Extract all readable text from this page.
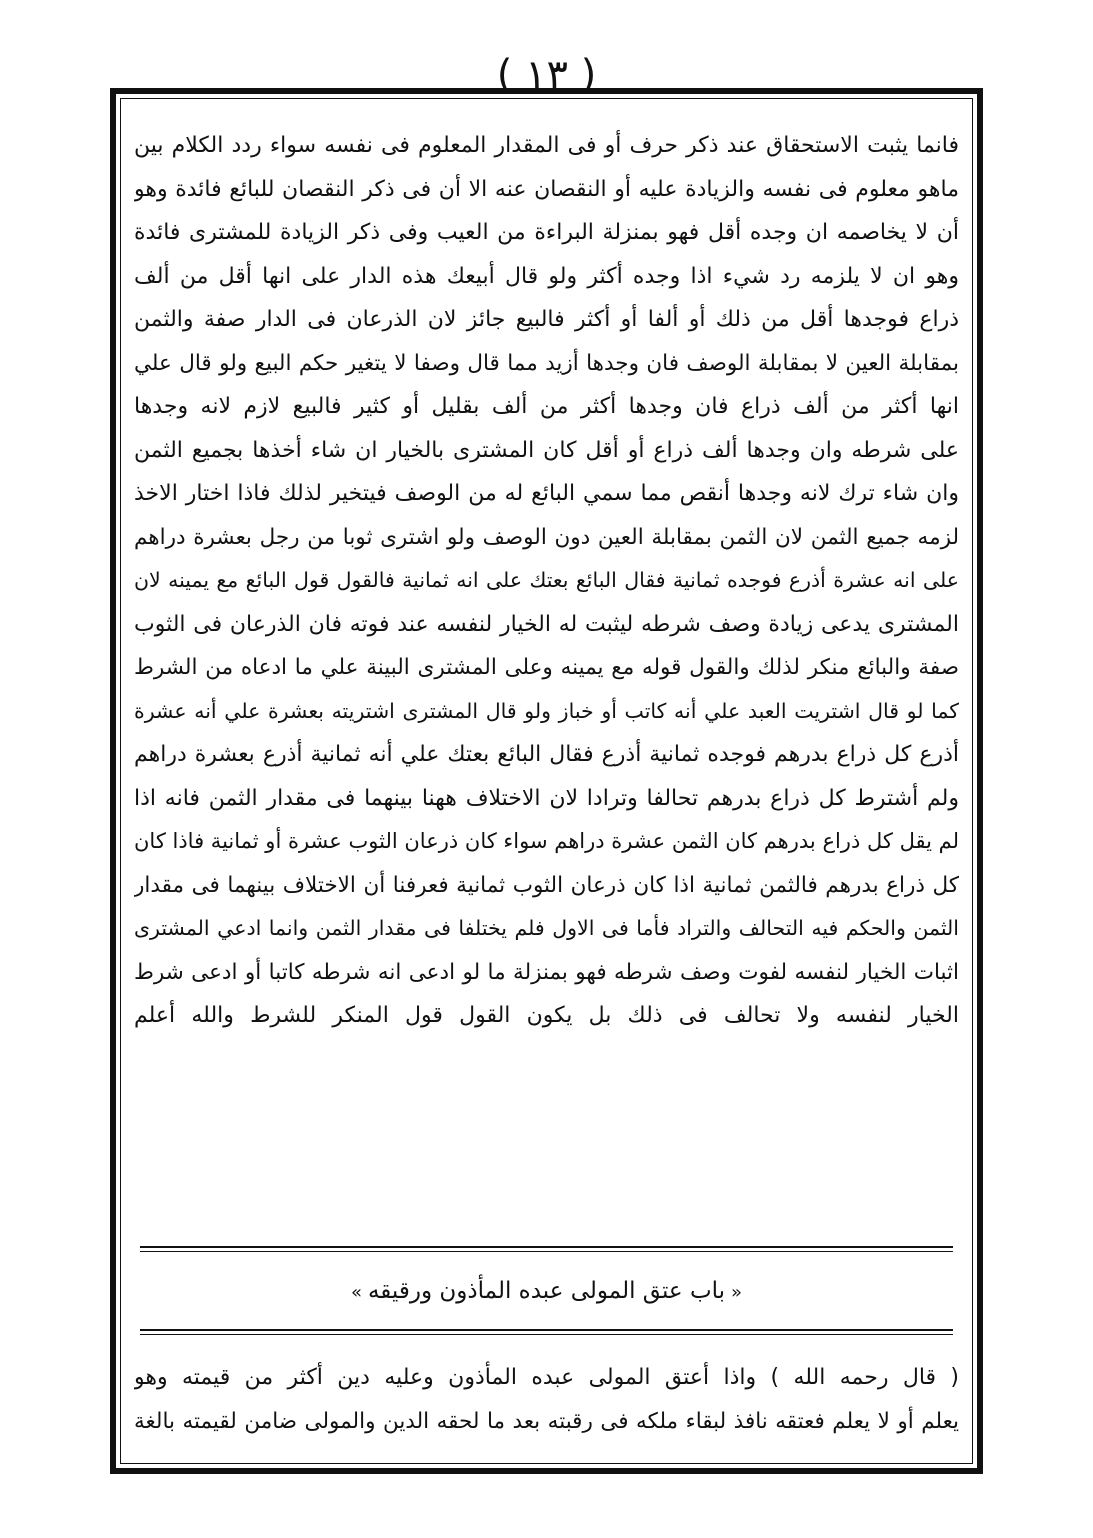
( ١٣ )
فانما يثبت الاستحقاق عند ذكر حرف أو فى المقدار المعلوم فى نفسه سواء ردد الكلام بين
ماهو معلوم فى نفسه والزيادة عليه أو النقصان عنه الا أن فى ذكر النقصان للبائع فائدة وهو
أن لا يخاصمه ان وجده أقل فهو بمنزلة البراءة من العيب وفى ذكر الزيادة للمشترى فائدة
وهو ان لا يلزمه رد شيء اذا وجده أكثر ولو قال أبيعك هذه الدار على انها أقل من ألف
ذراع فوجدها أقل من ذلك أو ألفا أو أكثر فالبيع جائز لان الذرعان فى الدار صفة والثمن
بمقابلة العين لا بمقابلة الوصف فان وجدها أزيد مما قال وصفا لا يتغير حكم البيع ولو قال علي
انها أكثر من ألف ذراع فان وجدها أكثر من ألف بقليل أو كثير فالبيع لازم لانه وجدها
على شرطه وان وجدها ألف ذراع أو أقل كان المشترى بالخيار ان شاء أخذها بجميع الثمن
وان شاء ترك لانه وجدها أنقص مما سمي البائع له من الوصف فيتخير لذلك فاذا اختار الاخذ
لزمه جميع الثمن لان الثمن بمقابلة العين دون الوصف ولو اشترى ثوبا من رجل بعشرة دراهم
على انه عشرة أذرع فوجده ثمانية فقال البائع بعتك على انه ثمانية فالقول قول البائع مع يمينه لان
المشترى يدعى زيادة وصف شرطه ليثبت له الخيار لنفسه عند فوته فان الذرعان فى الثوب
صفة والبائع منكر لذلك والقول قوله مع يمينه وعلى المشترى البينة علي ما ادعاه من الشرط
كما لو قال اشتريت العبد علي أنه كاتب أو خباز ولو قال المشترى اشتريته بعشرة علي أنه عشرة
أذرع كل ذراع بدرهم فوجده ثمانية أذرع فقال البائع بعتك علي أنه ثمانية أذرع بعشرة دراهم
ولم أشترط كل ذراع بدرهم تحالفا وترادا لان الاختلاف ههنا بينهما فى مقدار الثمن فانه اذا
لم يقل كل ذراع بدرهم كان الثمن عشرة دراهم سواء كان ذرعان الثوب عشرة أو ثمانية فاذا كان
كل ذراع بدرهم فالثمن ثمانية اذا كان ذرعان الثوب ثمانية فعرفنا أن الاختلاف بينهما فى مقدار
الثمن والحكم فيه التحالف والتراد فأما فى الاول فلم يختلفا فى مقدار الثمن وانما ادعي المشترى
اثبات الخيار لنفسه لفوت وصف شرطه فهو بمنزلة ما لو ادعى انه شرطه كاتبا أو ادعى شرط
الخيار لنفسه ولا تحالف فى ذلك بل يكون القول قول المنكر للشرط والله أعلم
«باب عتق المولى عبده المأذون ورقيقه»
( قال رحمه الله ) واذا أعتق المولى عبده المأذون وعليه دين أكثر من قيمته وهو
يعلم أو لا يعلم فعتقه نافذ لبقاء ملكه فى رقبته بعد ما لحقه الدين والمولى ضامن لقيمته بالغة
